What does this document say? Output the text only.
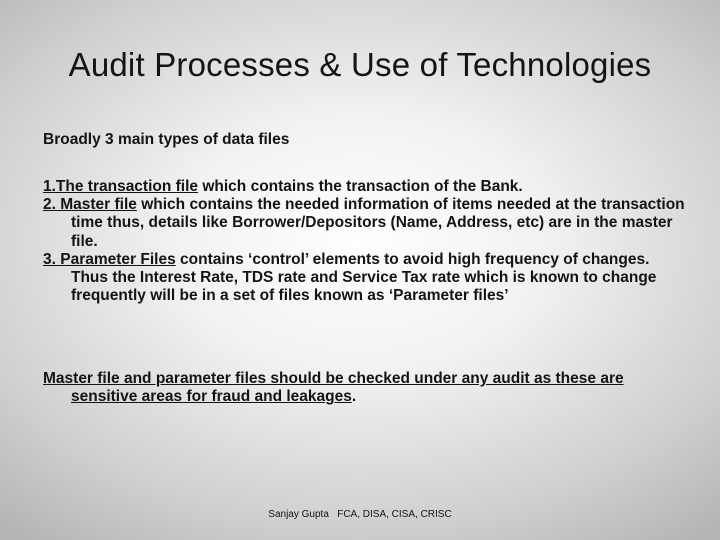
Audit Processes & Use of Technologies
Broadly 3 main types of data files
1.The transaction file which contains the transaction of the Bank.
2. Master file which contains the needed information of items needed at the transaction time thus, details like Borrower/Depositors (Name, Address, etc) are in the master file.
3. Parameter Files contains ‘control’ elements to avoid high frequency of changes. Thus the Interest Rate, TDS rate and Service Tax rate which is known to change frequently will be in a set of files known as ‘Parameter files’
Master file and parameter files should be checked under any audit as these are sensitive areas for fraud and leakages.
Sanjay Gupta   FCA, DISA, CISA, CRISC
